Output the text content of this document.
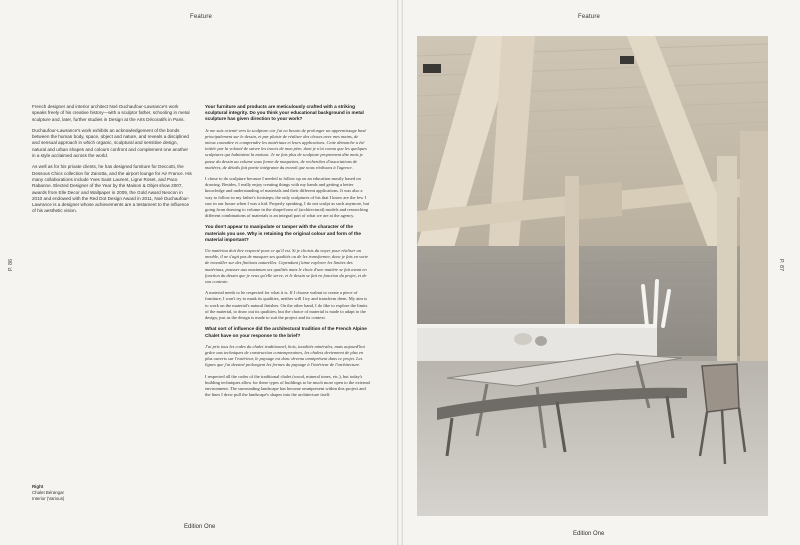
Feature
P. 86

French designer and interior architect Noé Duchaufour-Lawrance's work speaks freely of his creative history—with a sculptor father, schooling in metal sculpture and, later, further studies in Design at the Arts Décoratifs in Paris.

Duchaufour-Lawrance's work exhibits an acknowledgement of the bonds between the human body, space, object and nature, and reveals a disciplined and sensual approach in which organic, sculptural and sensitive design, natural and urban shapes and colours confront and complement one another in a style acclaimed across the world.

As well as for his private clients, he has designed furniture for Deccotti, the Dessous Chics collection for Zanotta, and the airport lounge for Air France. His many collaborations include Yves Saint Laurent, Ligne Roset, and Paco Rabanne. Elected Designer of the Year by the Maison & Objet show 2007, awards from Elle Decor and Wallpaper in 2009, the Gold Award Neocon in 2010 and endowed with the Red Dot Design Award in 2011, Noé Duchaufour-Lawrance is a designer whose achievements are a testament to the influence of his aesthetic vision.

Your furniture and products are meticulously crafted with a striking sculptural integrity. Do you think your educational background in metal sculpture has given direction to your work?

Je me suis orienté vers la sculpture car j'ai eu besoin de prolonger un apprentissage basé principalement sur le dessin, et par plaisir de réaliser des choses avec mes mains, de mieux connaître et comprendre les matériaux et leurs applications. Cette démarche a été initiée par la volonté de suivre les traces de mon père, dont je n'ai connu que les quelques sculptures qui habitaient la maison. Je ne fais plus de sculpture proprement dite mais je passe du dessin au volume sous forme de maquettes, de recherches d'associations de matières, de détails fait partie intégrante du travail que nous réalisons à l'agence.

I chose to do sculpture because I needed to follow up on an education mostly based on drawing. Besides, I really enjoy creating things with my hands and getting a better knowledge and understanding of materials and their different applications. It was also a way to follow in my father's footsteps; the only sculptures of his that I know are the few I saw in our house when I was a kid. Properly speaking, I do not sculpt as such anymore, but going from drawing to volume in the shape/form of (architectural) models and researching different combinations of materials is an integral part of what we are at the agency.

You don't appear to manipulate or tamper with the character of the materials you use. Why is retaining the original colour and form of the material important?

Un matériau doit être respecté pour ce qu'il est. Si je choisis du noyer pour réaliser un meuble, il ne s'agit pas de masquer ses qualités ou de les transformer, donc je fais en sorte de travailler sur des finitions naturelles. Cependant j'aime explorer les limites des matériaux, pousser aux maximum ses qualités mais le choix d'une matière se fait avant en fonction du dessin que je veux qu'elle serve, et le dessin se fait en fonction du projet, et de son contexte.

A material needs to be respected for what it is. If I choose walnut to create a piece of furniture, I won't try to mask its qualities, neither will I try and transform them. My aim is to work on the material's natural finishes. On the other hand, I do like to explore the limits of the material, to draw out its qualities; but the choice of material is made to adapt to the design, just as the design is made to suit the project and its context.

What sort of influence did the architectural tradition of the French Alpine Chalet have on your response to the brief?

J'ai pris tous les codes du chalet traditionnel, bois, tonalités minérales, mais aujourd'hui grâce aux techniques de construction contemporaines, les chalets deviennent de plus en plus ouverts sur l'extérieur, le paysage est donc devenu omniprésent dans ce projet. Les lignes que j'ai dessiné prolongent les formes du paysage à l'intérieur de l'architecture.

I respected all the codes of the traditional chalet (wood, mineral tones, etc.), but today's building techniques allow for these types of buildings to be much more open to the external environment. The surrounding landscape has become omnipresent within this project and the lines I drew pull the landscape's shapes into the architecture itself.

Right
Chalet Bérangar
Interior (Various)
Edition One
Feature
P. 87
Edition One
